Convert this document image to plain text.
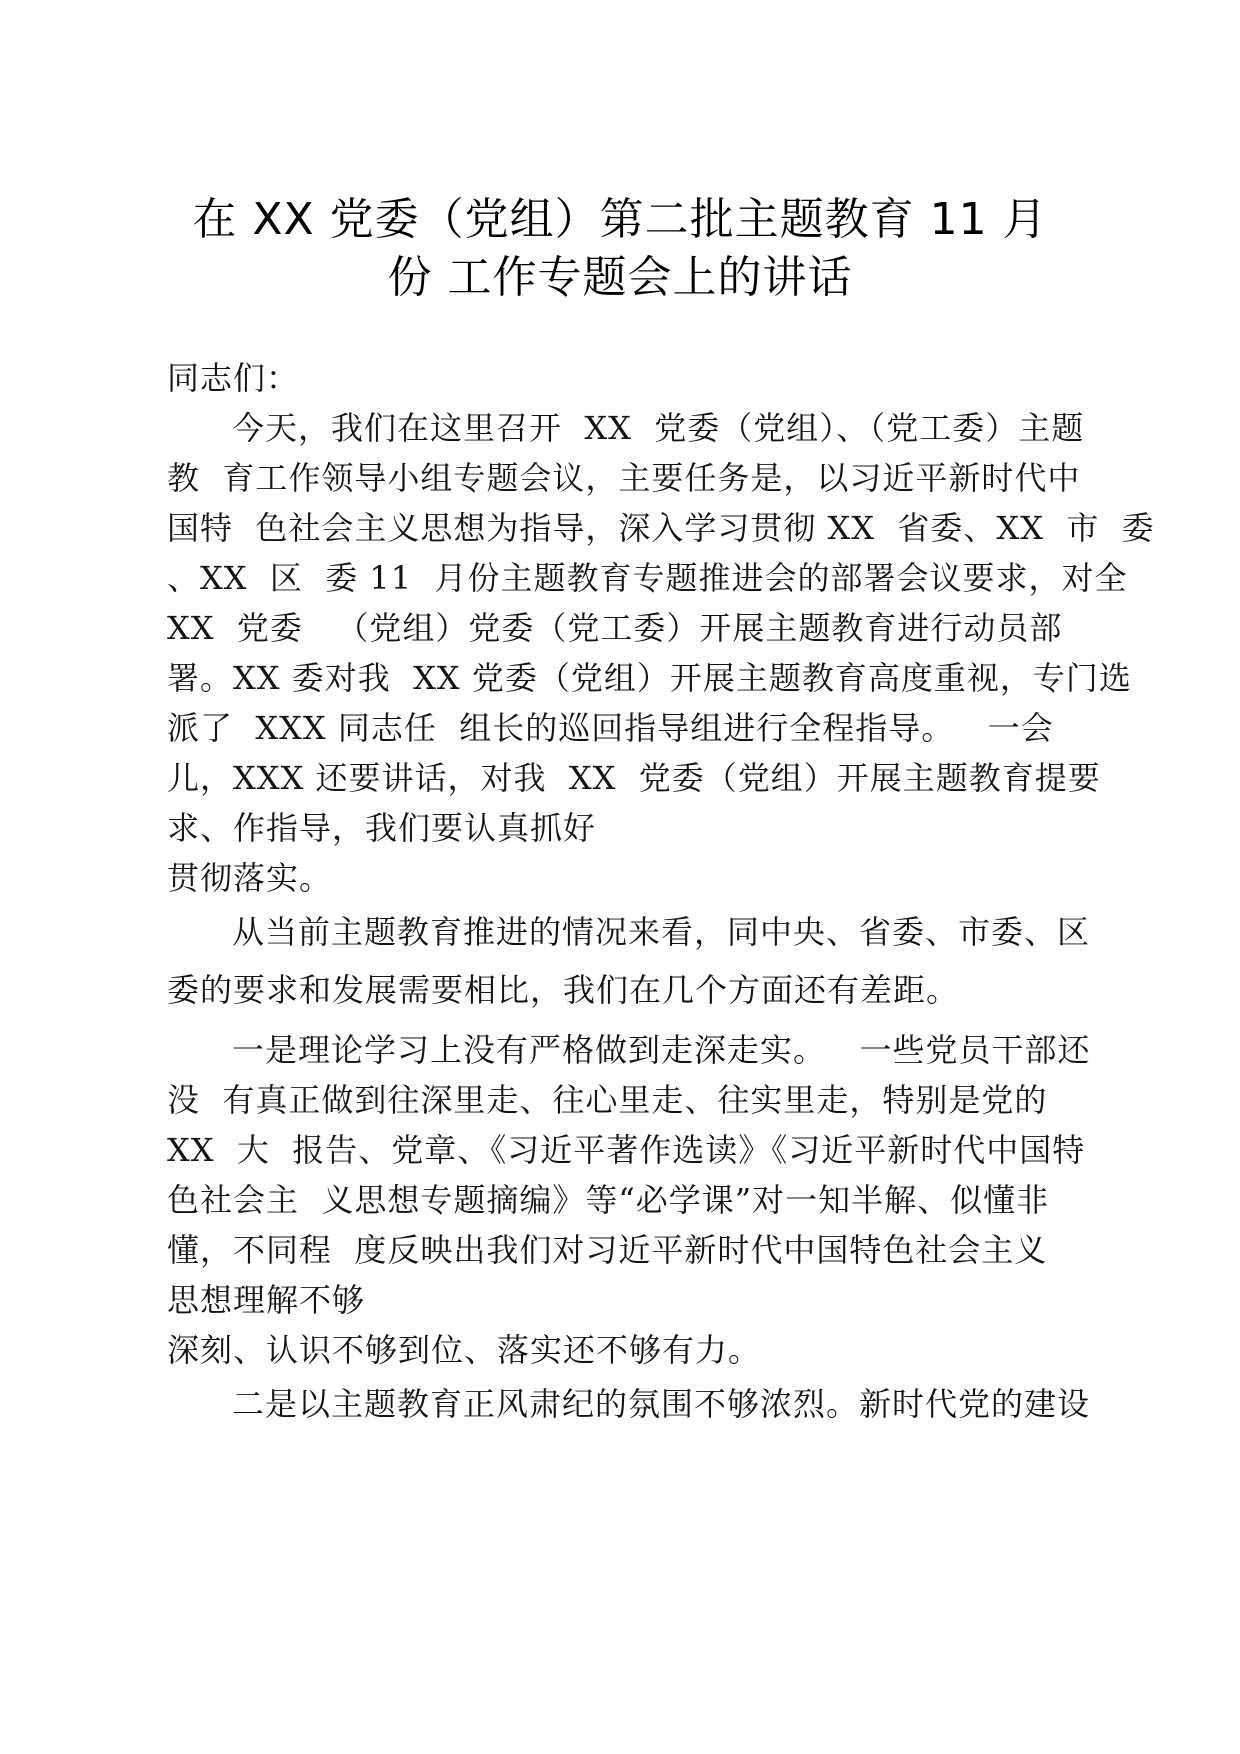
在 XX 党委（党组）第二批主题教育 11 月
份 工作专题会上的讲话
同志们：
今天，我们在这里召开  XX  党委（党组）、（党工委）主题
教  育工作领导小组专题会议，主要任务是，以习近平新时代中
国特  色社会主义思想为指导，深入学习贯彻 XX  省委、XX  市  委
、XX  区  委 11  月份主题教育专题推进会的部署会议要求，对全
XX  党委   （党组）党委（党工委）开展主题教育进行动员部
署。XX 委对我  XX 党委（党组）开展主题教育高度重视，专门选
派了  XXX 同志任  组长的巡回指导组进行全程指导。   一会
儿，XXX 还要讲话，对我  XX  党委（党组）开展主题教育提要
求、作指导，我们要认真抓好
贯彻落实。
从当前主题教育推进的情况来看，同中央、省委、市委、区
委的要求和发展需要相比，我们在几个方面还有差距。
一是理论学习上没有严格做到走深走实。   一些党员干部还
没  有真正做到往深里走、往心里走、往实里走，特别是党的
XX  大  报告、党章、《习近平著作选读》《习近平新时代中国特
色社会主  义思想专题摘编》等“必学课”对一知半解、似懂非
懂，不同程  度反映出我们对习近平新时代中国特色社会主义
思想理解不够
深刻、认识不够到位、落实还不够有力。
二是以主题教育正风肃纪的氛围不够浓烈。新时代党的建设
